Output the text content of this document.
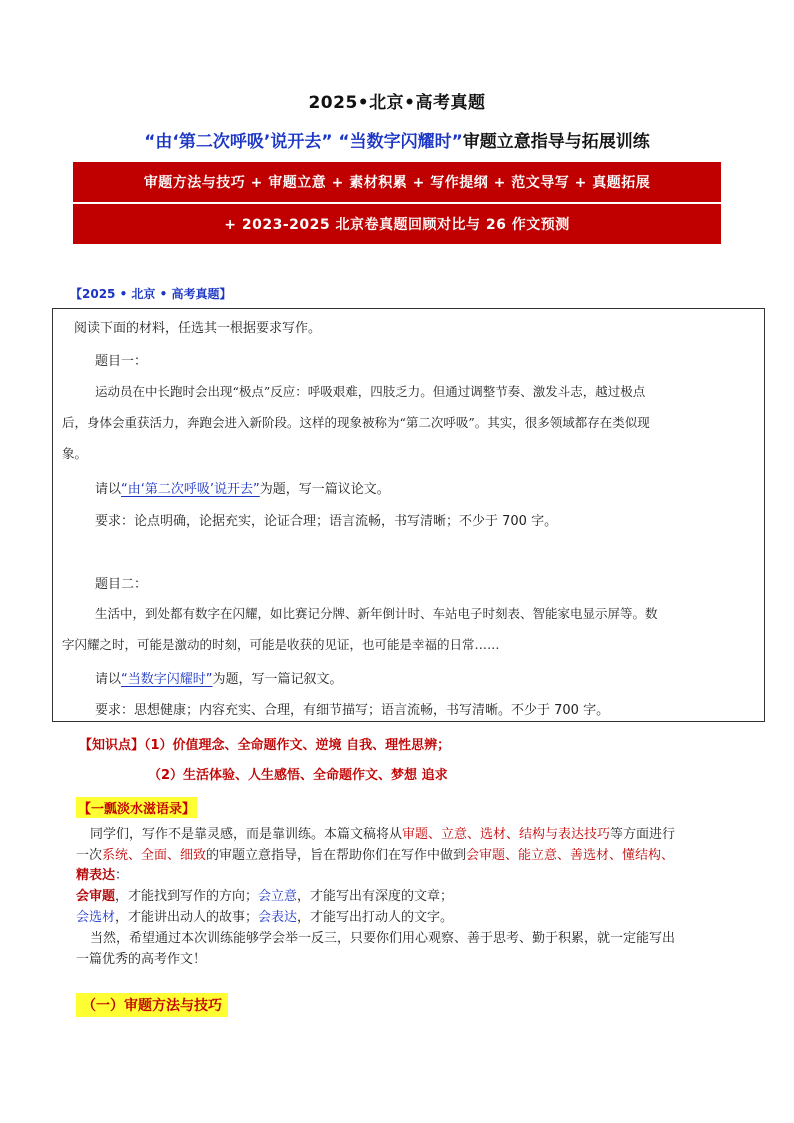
2025•北京•高考真题
“由‘第二次呼吸’说开去” “当数字闪耀时”审题立意指导与拓展训练
审题方法与技巧 + 审题立意 + 素材积累 + 写作提纲 + 范文导写 + 真题拓展
+ 2023-2025 北京卷真题回顾对比与 26 作文预测
【2025 • 北京 • 高考真题】
阅读下面的材料，任选其一根据要求写作。
题目一：
运动员在中长跑时会出现“极点”反应：呼吸艰难，四肢乏力。但通过调整节奏、激发斗志，越过极点
后，身体会重获活力，奔跑会进入新阶段。这样的现象被称为“第二次呼吸”。其实，很多领域都存在类似现
象。
请以“由‘第二次呼吸’说开去”为题，写一篇议论文。
要求：论点明确，论据充实，论证合理；语言流畅，书写清晰；不少于 700 字。
题目二：
生活中，到处都有数字在闪耀，如比赛记分牌、新年倒计时、车站电子时刻表、智能家电显示屏等。数
字闪耀之时，可能是激动的时刻，可能是收获的见证，也可能是幸福的日常……
请以“当数字闪耀时”为题，写一篇记叙文。
要求：思想健康；内容充实、合理，有细节描写；语言流畅，书写清晰。不少于 700 字。
【知识点】（1）价值理念、全命题作文、逆境 自我、理性思辨；
（2）生活体验、人生感悟、全命题作文、梦想 追求
【一瓢淡水滋语录】
同学们，写作不是靠灵感，而是靠训练。本篇文稿将从审题、立意、选材、结构与表达技巧等方面进行
一次系统、全面、细致的审题立意指导，旨在帮助你们在写作中做到会审题、能立意、善选材、懂结构、
精表达：
会审题，才能找到写作的方向；会立意，才能写出有深度的文章；
会选材，才能讲出动人的故事；会表达，才能写出打动人的文字。
当然，希望通过本次训练能够学会举一反三，只要你们用心观察、善于思考、勤于积累，就一定能写出
一篇优秀的高考作文！
（一）审题方法与技巧
